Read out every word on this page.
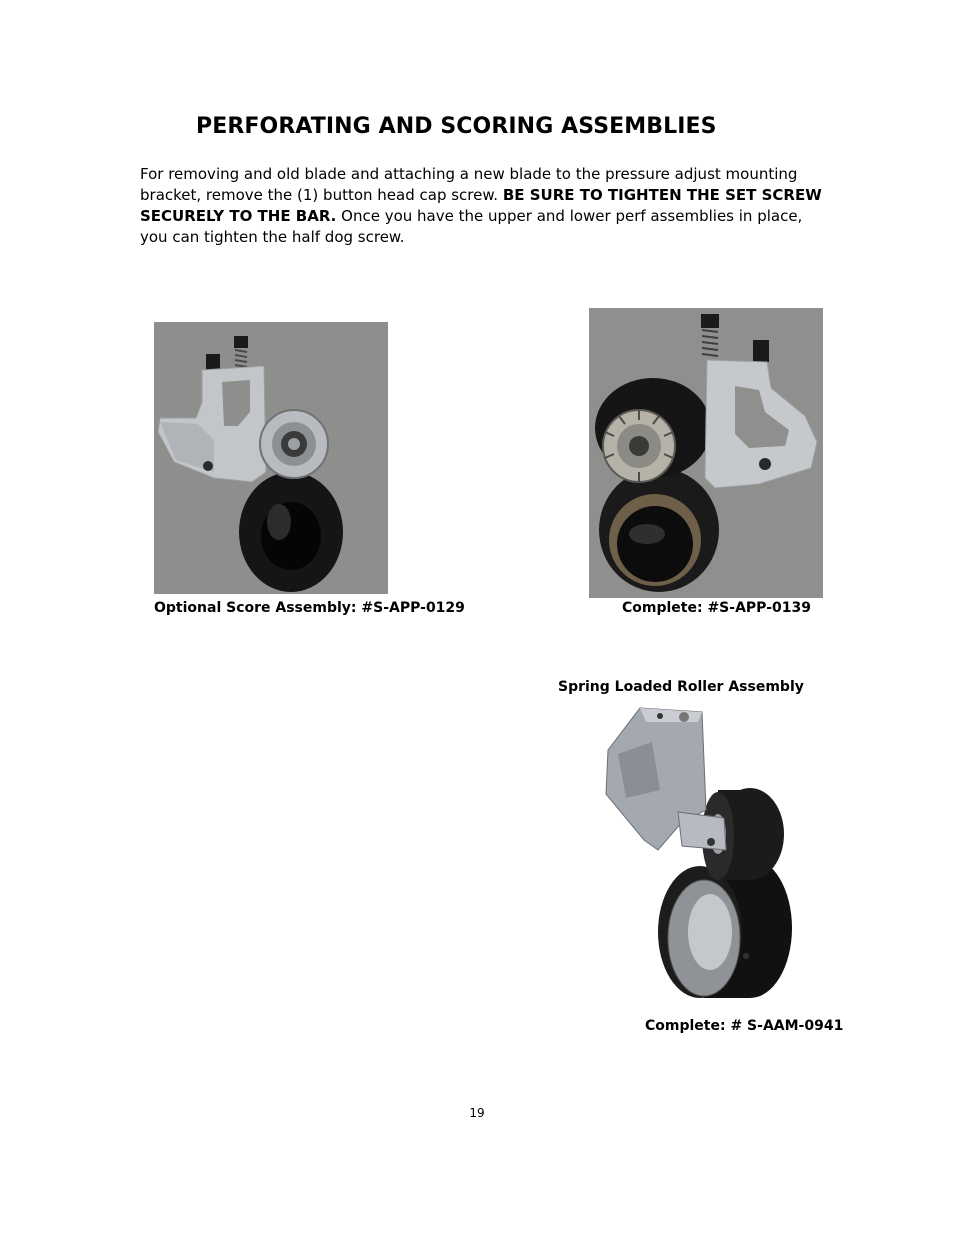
PERFORATING AND SCORING ASSEMBLIES
For removing and old blade and attaching a new blade to the pressure adjust mounting bracket, remove the (1) button head cap screw. BE SURE TO TIGHTEN THE SET SCREW SECURELY TO THE BAR. Once you have the upper and lower perf assemblies in place, you can tighten the half dog screw.
Optional Score Assembly: #S-APP-0129	Complete: #S-APP-0139
Spring Loaded Roller Assembly
Complete: # S-AAM-0941
19
